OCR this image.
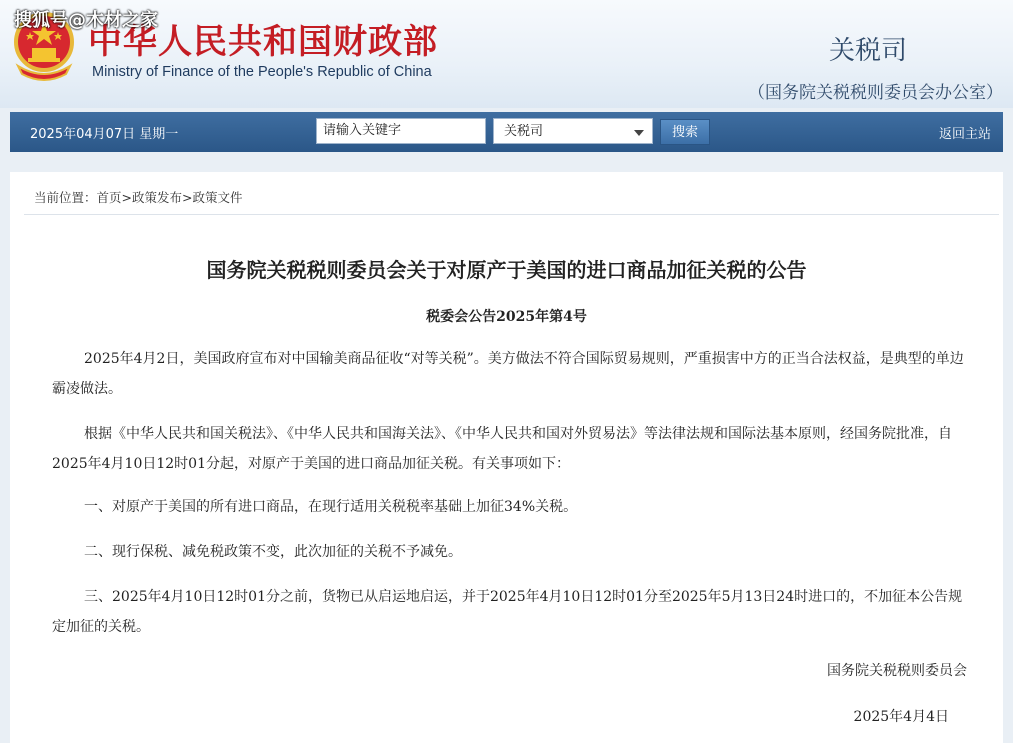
搜狐号@木材之家
中华人民共和国财政部
Ministry of Finance of the People's Republic of China
关税司
（国务院关税税则委员会办公室）
2025年04月07日 星期一
请输入关键字	关税司	搜索	返回主站
当前位置：首页>政策发布>政策文件
国务院关税税则委员会关于对原产于美国的进口商品加征关税的公告
税委会公告2025年第4号
2025年4月2日，美国政府宣布对中国输美商品征收“对等关税”。美方做法不符合国际贸易规则，严重损害中方的正当合法权益，是典型的单边霸凌做法。
根据《中华人民共和国关税法》、《中华人民共和国海关法》、《中华人民共和国对外贸易法》等法律法规和国际法基本原则，经国务院批准，自2025年4月10日12时01分起，对原产于美国的进口商品加征关税。有关事项如下：
一、对原产于美国的所有进口商品，在现行适用关税税率基础上加征34%关税。
二、现行保税、减免税政策不变，此次加征的关税不予减免。
三、2025年4月10日12时01分之前，货物已从启运地启运，并于2025年4月10日12时01分至2025年5月13日24时进口的，不加征本公告规定加征的关税。
国务院关税税则委员会
2025年4月4日
